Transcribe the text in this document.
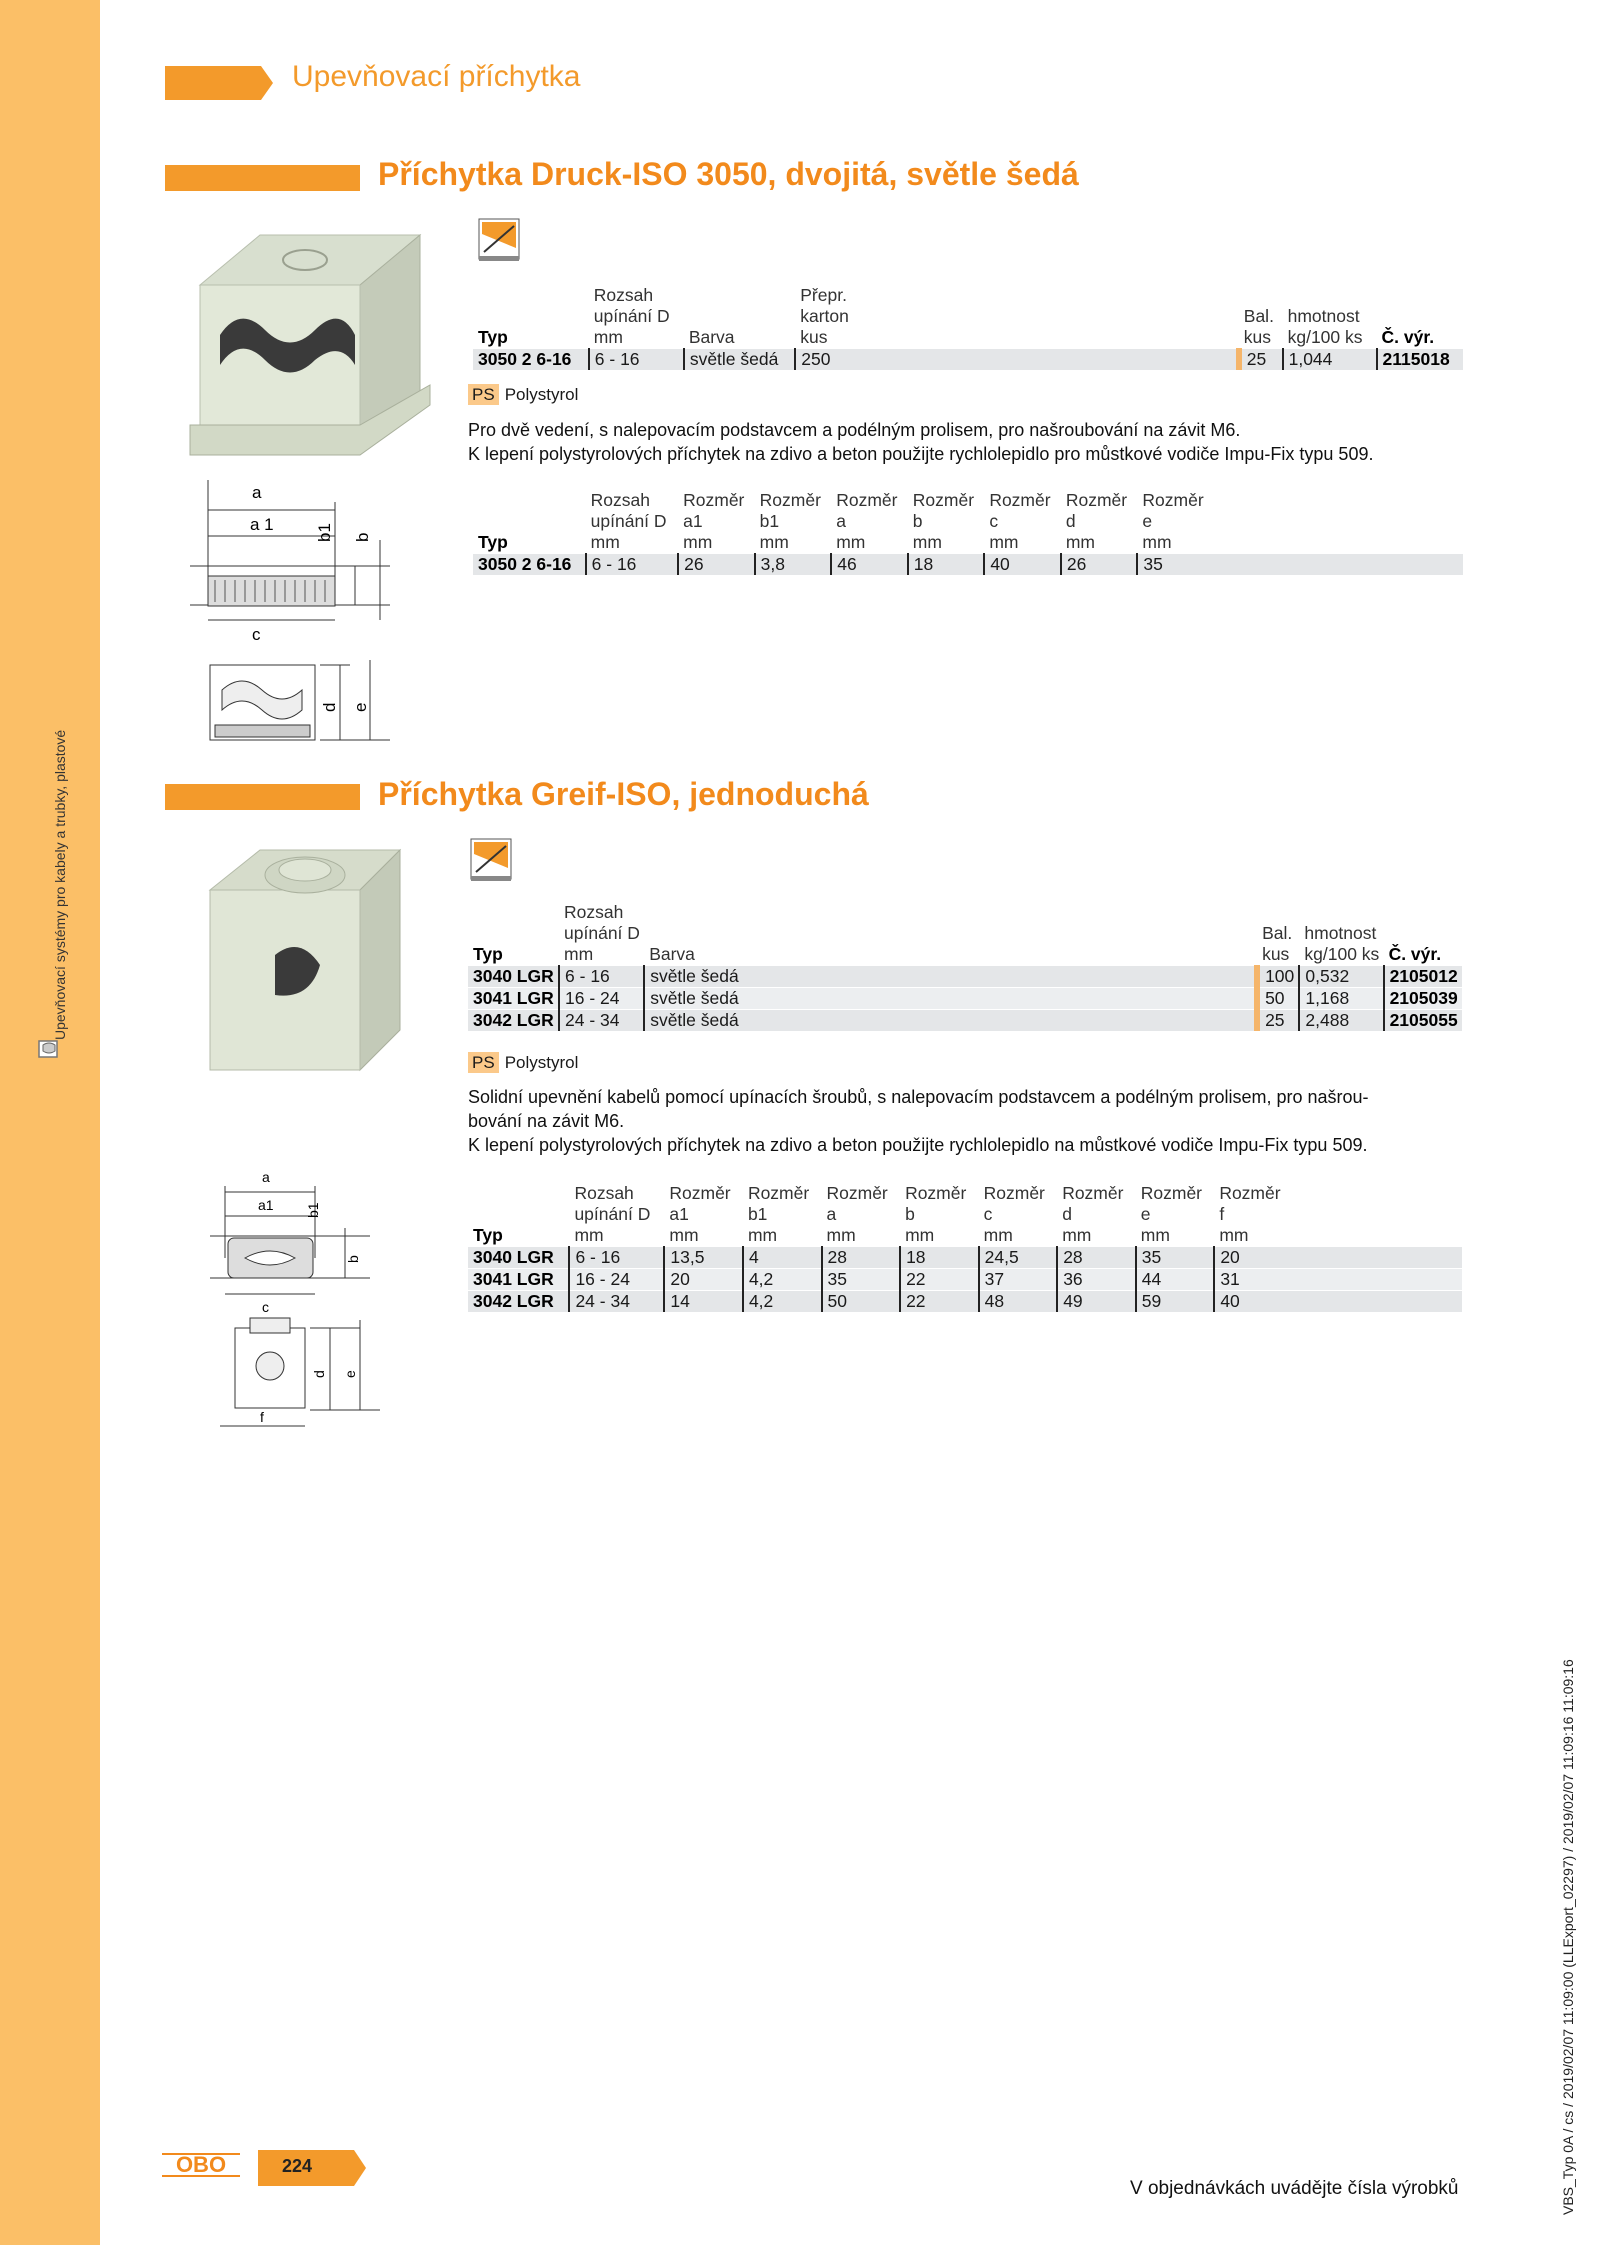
Upevňovací systémy pro kabely a trubky, plastové
Upevňovací příchytka
Příchytka Druck-ISO 3050, dvojitá, světle šedá
	Rozsah		Přepr.				
	upínání D		karton		Bal.	hmotnost	
Typ	mm	Barva	kus		kus	kg/100 ks	Č. výr.
3050 2 6-16	6 - 16	světle šedá	250		25	1,044	2115018
PS Polystyrol
Pro dvě vedení, s nalepovacím podstavcem a podélným prolisem, pro našroubování na závit M6.
K lepení polystyrolových příchytek na zdivo a beton použijte rychlolepidlo pro můstkové vodiče Impu-Fix typu 509.
a
a 1 b1 b
c
d e
	Rozsah	Rozměr	Rozměr	Rozměr	Rozměr	Rozměr	Rozměr	Rozměr	
	upínání D	a1	b1	a	b	c	d	e	
Typ	mm	mm	mm	mm	mm	mm	mm	mm	
3050 2 6-16	6 - 16	26	3,8	46	18	40	26	35	
Příchytka Greif-ISO, jednoduchá
	Rozsah					
	upínání D			Bal.	hmotnost	
Typ	mm	Barva		kus	kg/100 ks	Č. výr.
3040 LGR	6 - 16	světle šedá		100	0,532	2105012
3041 LGR	16 - 24	světle šedá		50	1,168	2105039
3042 LGR	24 - 34	světle šedá		25	2,488	2105055
PS Polystyrol
Solidní upevnění kabelů pomocí upínacích šroubů, s nalepovacím podstavcem a podélným prolisem, pro našrou-
bování na závit M6.
K lepení polystyrolových příchytek na zdivo a beton použijte rychlolepidlo na můstkové vodiče Impu-Fix typu 509.
a
a1 b1
b
c
d e
f
	Rozsah	Rozměr	Rozměr	Rozměr	Rozměr	Rozměr	Rozměr	Rozměr	Rozměr	
	upínání D	a1	b1	a	b	c	d	e	f	
Typ	mm	mm	mm	mm	mm	mm	mm	mm	mm	
3040 LGR	6 - 16	13,5	4	28	18	24,5	28	35	20	
3041 LGR	16 - 24	20	4,2	35	22	37	36	44	31	
3042 LGR	24 - 34	14	4,2	50	22	48	49	59	40	
OBO	224
V objednávkách uvádějte čísla výrobků	VBS_Typ 0A / cs / 2019/02/07 11:09:00 (LLExport_02297) / 2019/02/07 11:09:16 11:09:16
